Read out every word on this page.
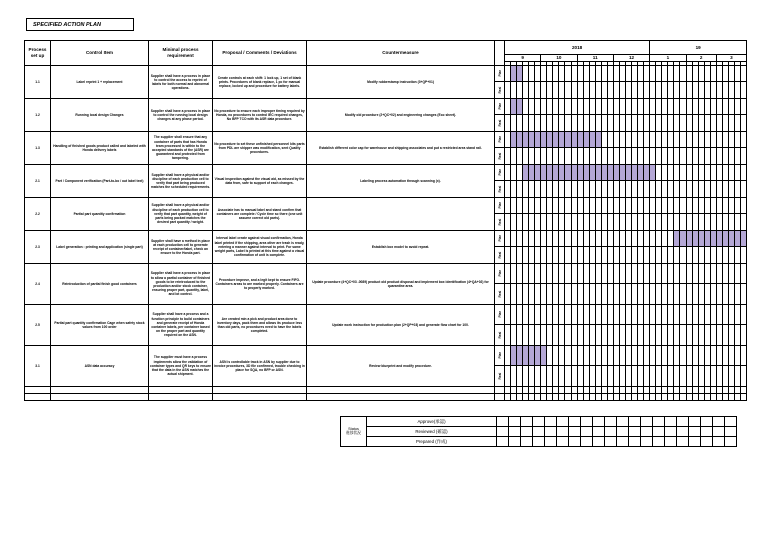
SPECIFIED ACTION PLAN
Process set up	Control Item	Minimal process requirement	Proposal / Comments / Deviations	Countermeasure		2018																								19															
						9						10						11						12						1						2					3				

1.1	Label reprint 1 + replacement	Supplier shall have a process in place to control the access to reprint of labels for both normal and abnormal operations.	Create controls at each shift: 1 lock up, 1 set of blank prints. Procedures of blank replace, 1 pc for manual replace, locked up and procedure for battery labels.	Modify rubberstamp instruction (3+QP+01)	Plan																																								
					Real																																								
1.2	Running local design Changes	Supplier shall have a process in place to control the running local design changes at any phase period.	No procedure to ensure each improper timing required by Honda, no procedures to control IEC required changes, No BFP TCO with its ASR data procedure.	Modify old procedure (2+QC+02) and engineering changes (Eco sheet).	Plan																																								
					Real																																								
1.3	Handling of finished goods product called and labeled with Honda delivery labels	The supplier shall ensure that any container of parts that has Honda team processed is within to the accepted standards of the (ASR) are guaranteed and protected from tampering.	No procedure to set these unfinished personnel kits parts from PDL are shipper was modification, sent Quality procedures.	Establish different color cap for warehouse and shipping associates and put a restricted area stand rail.	Plan																																								
					Real																																								
2.1	Part / Component verification (Part-to-bo / out label text)	Supplier shall have a physical and/or discipline of each production cell to verify that part being produced matches the scheduled requirements.	Visual inspection against the visual aid, as missed by the data from, safe to support of each changes.	Labeling process automation through scanning (x).	Plan																																								
					Real																																								
2.2	Partial part quantity confirmation	Supplier shall have a physical and/or discipline of each production cell to verify that part quantity, weight of parts being packed matches the desired part quantity / weight.	Associate has to manual label and stand confirm that containers are complete / Cycle time so there (one unit assume correct old parts).		Plan																																								
					Real																																								
2.3	Label generation : printing and application (single part)	Supplier shall have a method in place at each production cell to generate receipt of container/label, check an ensure to the Honda part.	Interval label create against visual confirmation, Honda label printed if the shipping, area other are trash is ready, entering a manner against interval to print. For same weight parts, Label is printed at this time against a visual confirmation of unit is complete.	Establish box model to avoid repeat.	Plan																																								
					Real																																								
2.4	Reintroduction of partial finish good containers	Supplier shall have a process in place to allow a partial container of finished goods to be reintroduced to the production and/or stock container, ensuring proper part, quantity, label, and lot control.	Procedure improve, and a legit kept to ensure FIFO. Containers areas to are marked properly. Containers are to properly marked.	Update procedure (4+QC+03 -0089) product old product disposal and implement box identification (4+QA+02) for quarantine area.	Plan																																								
					Real																																								
2.5	Partial part quantity confirmation Cage when safety stock values from 100 order	Supplier shall have a process and a function principle to build containers and generate receipt of Honda container labels, per container based on the proper part and quantity required on the ASN.	Are created min a pick and product area done to inventory days, pack them and allows its produce less than old parts, no procedures need to have the labels completed.	Update work instruction for production plan (2+QP+03) and generate flow chart for 100.	Plan																																								
					Real																																								
3.1	ASN data accuracy	The supplier must have a process implements allow the validation of container types and QR keys to ensure that the data in the ASN matches the actual shipment.	ASN is controllable track in ASN by supplier due to invoice procedures, 3D file confirmed, trouble checking in place for SQA, no BFP or ASN.	Review blueprint and modify procedure.	Plan																																								
					Real																																								

Status
進捗状況	Approve(承認)																				
	Reviewed (確認)																				
	Prepared (作成)																				
